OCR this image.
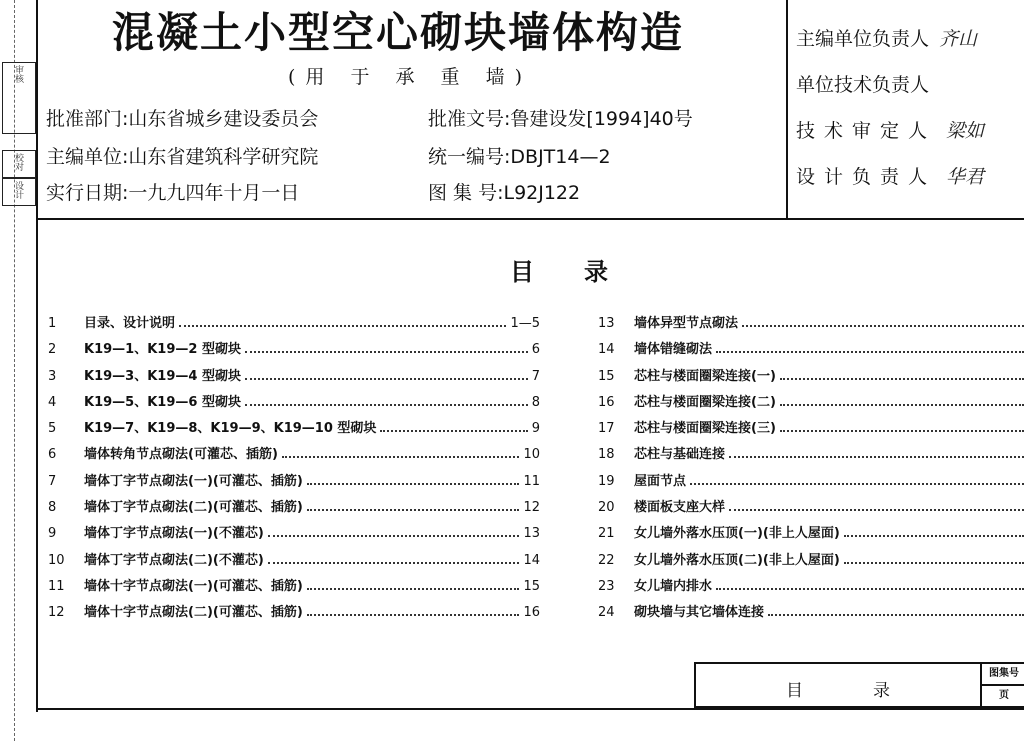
审核
校对
设计
混凝土小型空心砌块墙体构造
(用 于 承 重 墙)
批准部门:山东省城乡建设委员会	批准文号:鲁建设发[1994]40号
主编单位:山东省建筑科学研究院	统一编号:DBJT14—2
实行日期:一九九四年十月一日	图 集 号:L92J122
主编单位负责人 齐山
单位技术负责人
技术审定人 梁如
设计负责人 华君
目录
1	目录、设计说明	1—5
2	K19—1、K19—2 型砌块	6
3	K19—3、K19—4 型砌块	7
4	K19—5、K19—6 型砌块	8
5	K19—7、K19—8、K19—9、K19—10 型砌块	9
6	墙体转角节点砌法(可灌芯、插筋)	10
7	墙体丁字节点砌法(一)(可灌芯、插筋)	11
8	墙体丁字节点砌法(二)(可灌芯、插筋)	12
9	墙体丁字节点砌法(一)(不灌芯)	13
10	墙体丁字节点砌法(二)(不灌芯)	14
11	墙体十字节点砌法(一)(可灌芯、插筋)	15
12	墙体十字节点砌法(二)(可灌芯、插筋)	16
13	墙体异型节点砌法
14	墙体错缝砌法
15	芯柱与楼面圈梁连接(一)
16	芯柱与楼面圈梁连接(二)
17	芯柱与楼面圈梁连接(三)
18	芯柱与基础连接
19	屋面节点
20	楼面板支座大样
21	女儿墙外落水压顶(一)(非上人屋面)
22	女儿墙外落水压顶(二)(非上人屋面)
23	女儿墙内排水
24	砌块墙与其它墙体连接
目录
图集号
页
